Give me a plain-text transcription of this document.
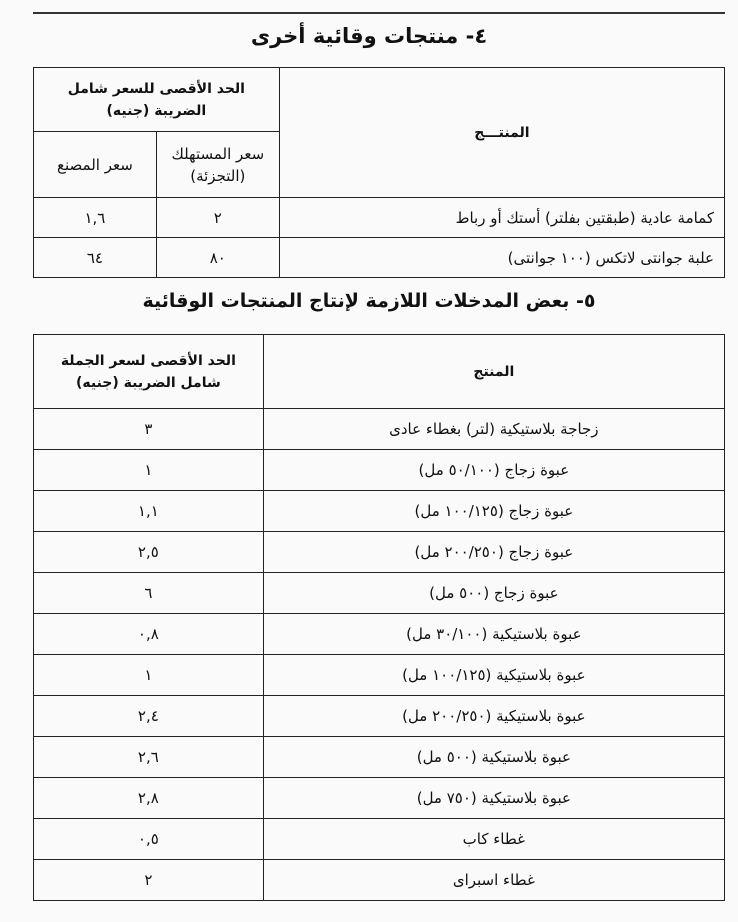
٤- منتجات وقائية أخرى
الحد الأقصى للسعر شامل الضريبة (جنيه)		المنتـــج
سعر المصنع	سعر المستهلك (التجزئة)	
١,٦	٢	كمامة عادية (طبقتين بفلتر) أستك أو رباط
٦٤	٨٠	علبة جوانتى لاتكس (١٠٠ جوانتى)
٥- بعض المدخلات اللازمة لإنتاج المنتجات الوقائية
الحد الأقصى لسعر الجملة شامل الضريبة (جنيه)	المنتج
٣	زجاجة بلاستيكية (لتر) بغطاء عادى
١	عبوة زجاج (٥٠/١٠٠ مل)
١,١	عبوة زجاج (١٠٠/١٢٥ مل)
٢,٥	عبوة زجاج (٢٠٠/٢٥٠ مل)
٦	عبوة زجاج (٥٠٠ مل)
٠,٨	عبوة بلاستيكية (٣٠/١٠٠ مل)
١	عبوة بلاستيكية (١٠٠/١٢٥ مل)
٢,٤	عبوة بلاستيكية (٢٠٠/٢٥٠ مل)
٢,٦	عبوة بلاستيكية (٥٠٠ مل)
٢,٨	عبوة بلاستيكية (٧٥٠ مل)
٠,٥	غطاء كاب
٢	غطاء اسبراى
